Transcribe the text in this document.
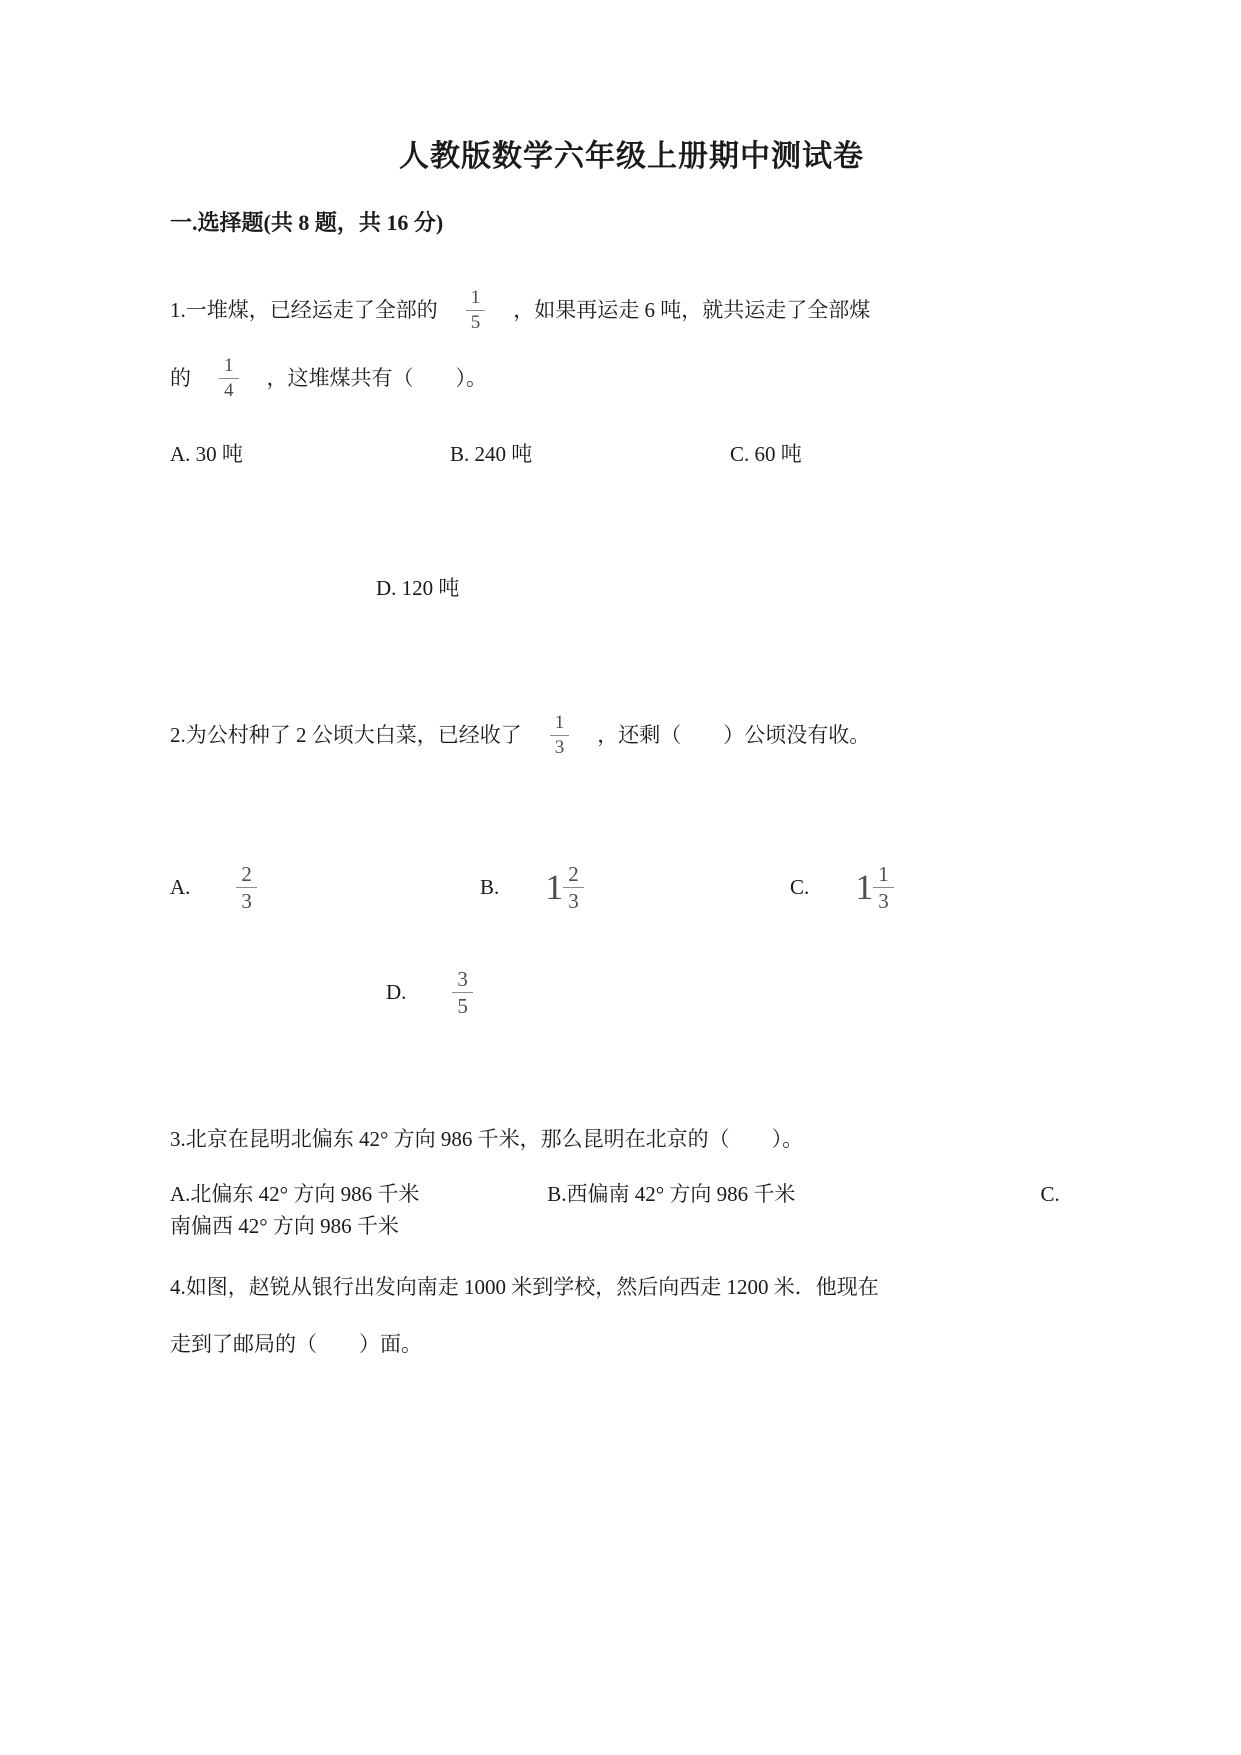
人教版数学六年级上册期中测试卷
一.选择题(共 8 题，共 16 分)
1.一堆煤，已经运走了全部的 $\frac{1}{5}$ ，如果再运走 6 吨，就共运走了全部煤
的 $\frac{1}{4}$ ，这堆煤共有（　　）。
A. 30 吨	B. 240 吨	C. 60 吨
D. 120 吨
2.为公村种了 2 公顷大白菜，已经收了 $\frac{1}{3}$ ，还剩（　　）公顷没有收。
A. $\frac{2}{3}$	B. $1 \frac{2}{3}$	C. $1 \frac{1}{3}$
D. $\frac{3}{5}$
3.北京在昆明北偏东 42° 方向 986 千米，那么昆明在北京的（　　）。
A.北偏东 42° 方向 986 千米	B.西偏南 42° 方向 986 千米	C.
南偏西 42° 方向 986 千米
4.如图，赵锐从银行出发向南走 1000 米到学校，然后向西走 1200 米．他现在
走到了邮局的（　　）面。
